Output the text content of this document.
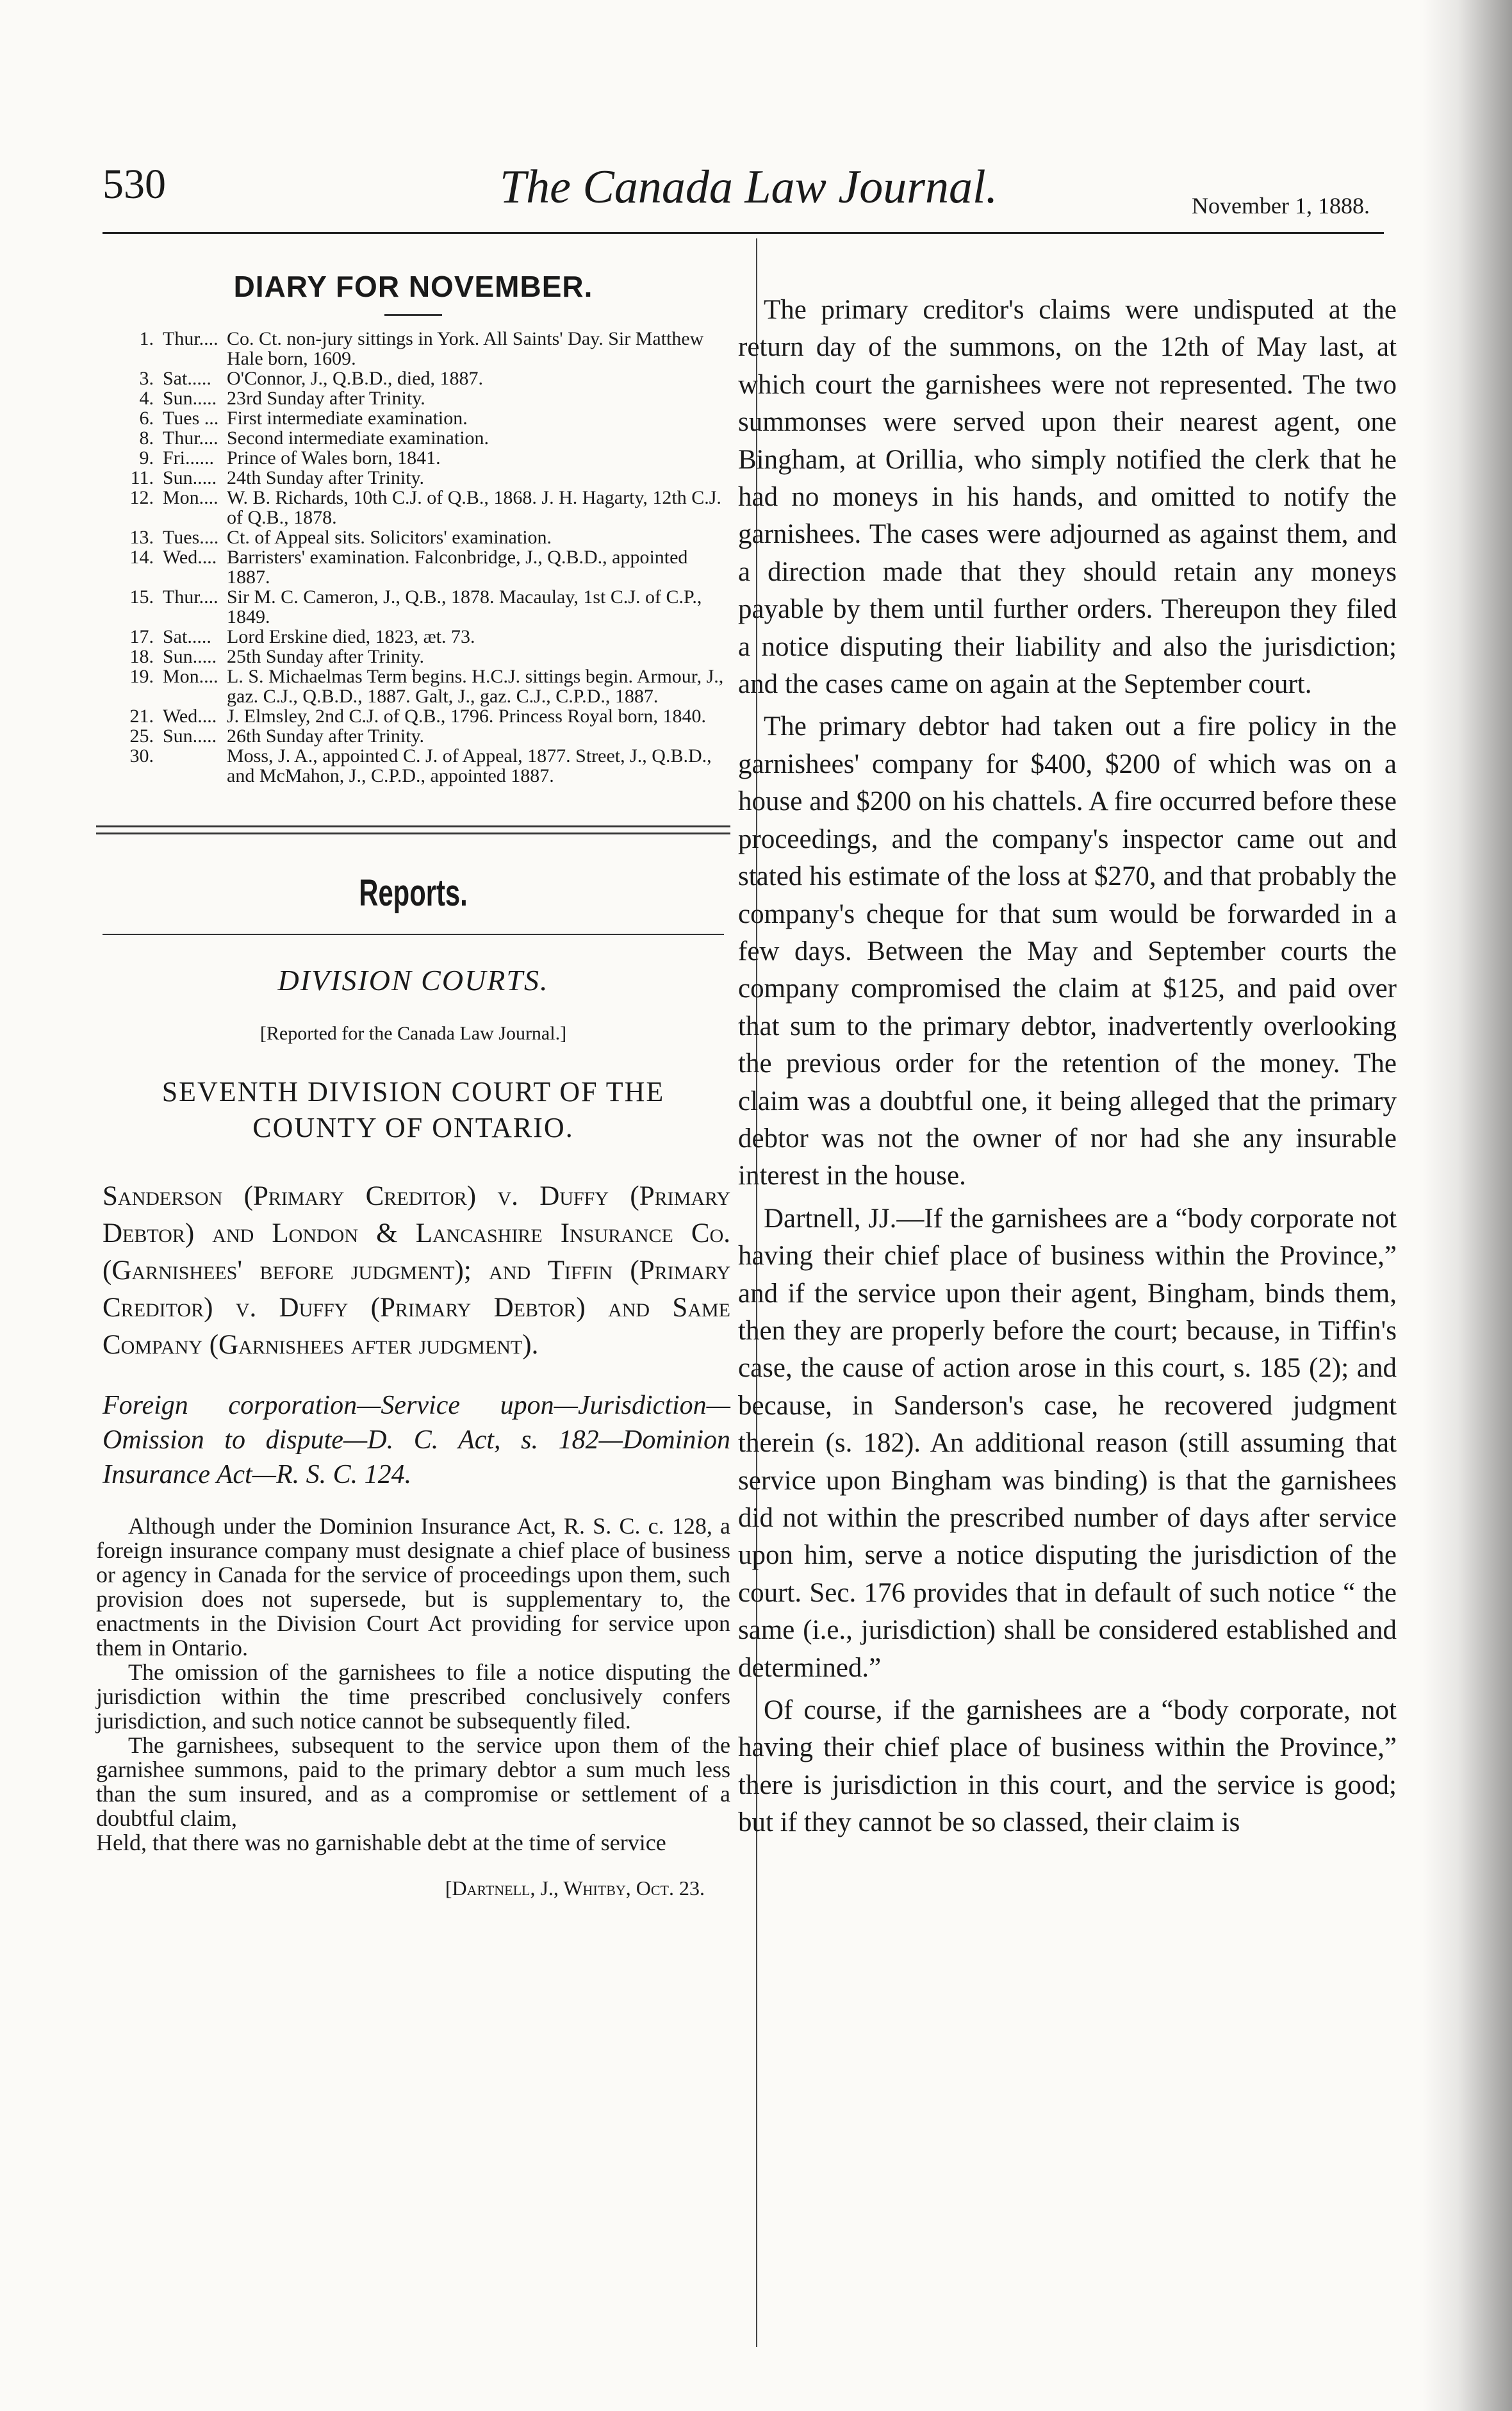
530	The Canada Law Journal.	November 1, 1888.
DIARY FOR NOVEMBER.
1. Thur.... Co. Ct. non-jury sittings in York. All Saints' Day. Sir Matthew Hale born, 1609.
3. Sat..... O'Connor, J., Q.B.D., died, 1887.
4. Sun..... 23rd Sunday after Trinity.
6. Tues ... First intermediate examination.
8. Thur.... Second intermediate examination.
9. Fri...... Prince of Wales born, 1841.
11. Sun..... 24th Sunday after Trinity.
12. Mon.... W. B. Richards, 10th C.J. of Q.B., 1868. J. H. Hagarty, 12th C.J. of Q.B., 1878.
13. Tues.... Ct. of Appeal sits. Solicitors' examination.
14. Wed.... Barristers' examination. Falconbridge, J., Q.B.D., appointed 1887.
15. Thur.... Sir M. C. Cameron, J., Q.B., 1878. Macaulay, 1st C.J. of C.P., 1849.
17. Sat..... Lord Erskine died, 1823, æt. 73.
18. Sun..... 25th Sunday after Trinity.
19. Mon.... L. S. Michaelmas Term begins. H.C.J. sittings begin. Armour, J., gaz. C.J., Q.B.D., 1887. Galt, J., gaz. C.J., C.P.D., 1887.
21. Wed.... J. Elmsley, 2nd C.J. of Q.B., 1796. Princess Royal born, 1840.
25. Sun..... 26th Sunday after Trinity.
30.	Moss, J. A., appointed C. J. of Appeal, 1877. Street, J., Q.B.D., and McMahon, J., C.P.D., appointed 1887.
Reports.
DIVISION COURTS.
[Reported for the Canada Law Journal.]
SEVENTH DIVISION COURT OF THE COUNTY OF ONTARIO.
Sanderson (Primary Creditor) v. Duffy (Primary Debtor) and London & Lancashire Insurance Co. (Garnishees' before judgment); and Tiffin (Primary Creditor) v. Duffy (Primary Debtor) and Same Company (Garnishees after judgment).
Foreign corporation—Service upon—Jurisdiction—Omission to dispute—D. C. Act, s. 182—Dominion Insurance Act—R. S. C. 124.

Although under the Dominion Insurance Act, R. S. C. c. 128, a foreign insurance company must designate a chief place of business or agency in Canada for the service of proceedings upon them, such provision does not supersede, but is supplementary to, the enactments in the Division Court Act providing for service upon them in Ontario.

The omission of the garnishees to file a notice disputing the jurisdiction within the time prescribed conclusively confers jurisdiction, and such notice cannot be subsequently filed.

The garnishees, subsequent to the service upon them of the garnishee summons, paid to the primary debtor a sum much less than the sum insured, and as a compromise or settlement of a doubtful claim,

Held, that there was no garnishable debt at the time of service

[Dartnell, J., Whitby, Oct. 23.

The primary creditor's claims were undisputed at the return day of the summons, on the 12th of May last, at which court the garnishees were not represented. The two summonses were served upon their nearest agent, one Bingham, at Orillia, who simply notified the clerk that he had no moneys in his hands, and omitted to notify the garnishees. The cases were adjourned as against them, and a direction made that they should retain any moneys payable by them until further orders. Thereupon they filed a notice disputing their liability and also the jurisdiction; and the cases came on again at the September court.

The primary debtor had taken out a fire policy in the garnishees' company for $400, $200 of which was on a house and $200 on his chattels. A fire occurred before these proceedings, and the company's inspector came out and stated his estimate of the loss at $270, and that probably the company's cheque for that sum would be forwarded in a few days. Between the May and September courts the company compromised the claim at $125, and paid over that sum to the primary debtor, inadvertently overlooking the previous order for the retention of the money. The claim was a doubtful one, it being alleged that the primary debtor was not the owner of nor had she any insurable interest in the house.

Dartnell, JJ.—If the garnishees are a “body corporate not having their chief place of business within the Province,” and if the service upon their agent, Bingham, binds them, then they are properly before the court; because, in Tiffin's case, the cause of action arose in this court, s. 185 (2); and because, in Sanderson's case, he recovered judgment therein (s. 182). An additional reason (still assuming that service upon Bingham was binding) is that the garnishees did not within the prescribed number of days after service upon him, serve a notice disputing the jurisdiction of the court. Sec. 176 provides that in default of such notice “ the same (i.e., jurisdiction) shall be considered established and determined.”

Of course, if the garnishees are a “body corporate, not having their chief place of business within the Province,” there is jurisdiction in this court, and the service is good; but if they cannot be so classed, their claim is
